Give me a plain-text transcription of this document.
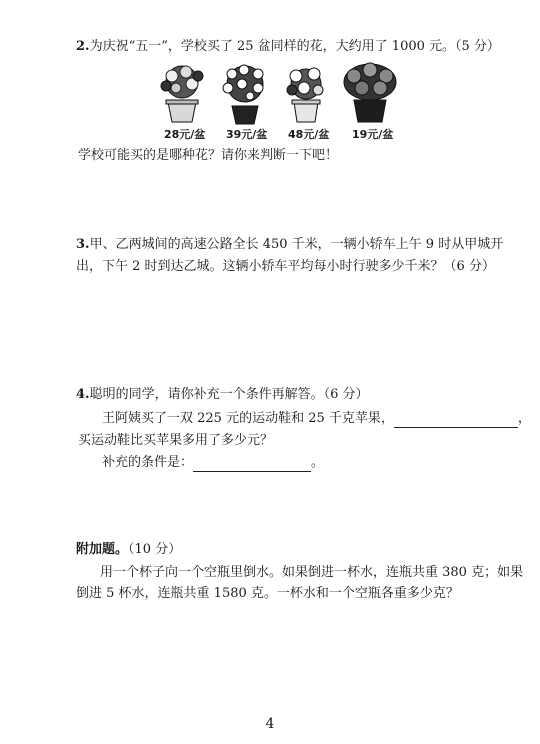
2.为庆祝“五一”，学校买了 25 盆同样的花，大约用了 1000 元。（5 分）
28元/盆 39元/盆 48元/盆 19元/盆
学校可能买的是哪种花？请你来判断一下吧！
3.甲、乙两城间的高速公路全长 450 千米，一辆小轿车上午 9 时从甲城开
出，下午 2 时到达乙城。这辆小轿车平均每小时行驶多少千米？（6 分）
4.聪明的同学，请你补充一个条件再解答。（6 分）
王阿姨买了一双 225 元的运动鞋和 25 千克苹果，	，
买运动鞋比买苹果多用了多少元？
补充的条件是：	。
附加题。（10 分）
用一个杯子向一个空瓶里倒水。如果倒进一杯水，连瓶共重 380 克；如果
倒进 5 杯水，连瓶共重 1580 克。一杯水和一个空瓶各重多少克？
4
